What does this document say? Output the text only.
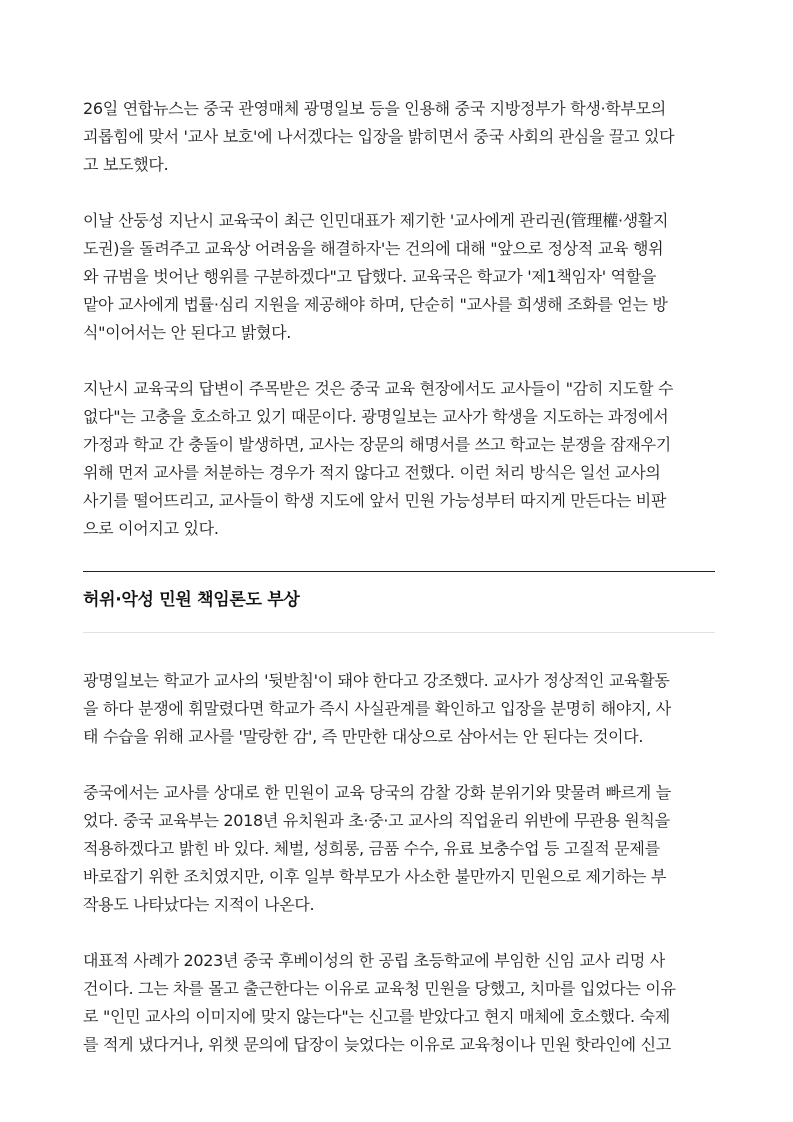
26일 연합뉴스는 중국 관영매체 광명일보 등을 인용해 중국 지방정부가 학생·학부모의
괴롭힘에 맞서 '교사 보호'에 나서겠다는 입장을 밝히면서 중국 사회의 관심을 끌고 있다
고 보도했다.

이날 산둥성 지난시 교육국이 최근 인민대표가 제기한 '교사에게 관리권(管理權·생활지
도권)을 돌려주고 교육상 어려움을 해결하자'는 건의에 대해 "앞으로 정상적 교육 행위
와 규범을 벗어난 행위를 구분하겠다"고 답했다. 교육국은 학교가 '제1책임자' 역할을
맡아 교사에게 법률·심리 지원을 제공해야 하며, 단순히 "교사를 희생해 조화를 얻는 방
식"이어서는 안 된다고 밝혔다.

지난시 교육국의 답변이 주목받은 것은 중국 교육 현장에서도 교사들이 "감히 지도할 수
없다"는 고충을 호소하고 있기 때문이다. 광명일보는 교사가 학생을 지도하는 과정에서
가정과 학교 간 충돌이 발생하면, 교사는 장문의 해명서를 쓰고 학교는 분쟁을 잠재우기
위해 먼저 교사를 처분하는 경우가 적지 않다고 전했다. 이런 처리 방식은 일선 교사의
사기를 떨어뜨리고, 교사들이 학생 지도에 앞서 민원 가능성부터 따지게 만든다는 비판
으로 이어지고 있다.

허위·악성 민원 책임론도 부상

광명일보는 학교가 교사의 '뒷받침'이 돼야 한다고 강조했다. 교사가 정상적인 교육활동
을 하다 분쟁에 휘말렸다면 학교가 즉시 사실관계를 확인하고 입장을 분명히 해야지, 사
태 수습을 위해 교사를 '말랑한 감', 즉 만만한 대상으로 삼아서는 안 된다는 것이다.

중국에서는 교사를 상대로 한 민원이 교육 당국의 감찰 강화 분위기와 맞물려 빠르게 늘
었다. 중국 교육부는 2018년 유치원과 초·중·고 교사의 직업윤리 위반에 무관용 원칙을
적용하겠다고 밝힌 바 있다. 체벌, 성희롱, 금품 수수, 유료 보충수업 등 고질적 문제를
바로잡기 위한 조치였지만, 이후 일부 학부모가 사소한 불만까지 민원으로 제기하는 부
작용도 나타났다는 지적이 나온다.

대표적 사례가 2023년 중국 후베이성의 한 공립 초등학교에 부임한 신임 교사 리멍 사
건이다. 그는 차를 몰고 출근한다는 이유로 교육청 민원을 당했고, 치마를 입었다는 이유
로 "인민 교사의 이미지에 맞지 않는다"는 신고를 받았다고 현지 매체에 호소했다. 숙제
를 적게 냈다거나, 위챗 문의에 답장이 늦었다는 이유로 교육청이나 민원 핫라인에 신고
